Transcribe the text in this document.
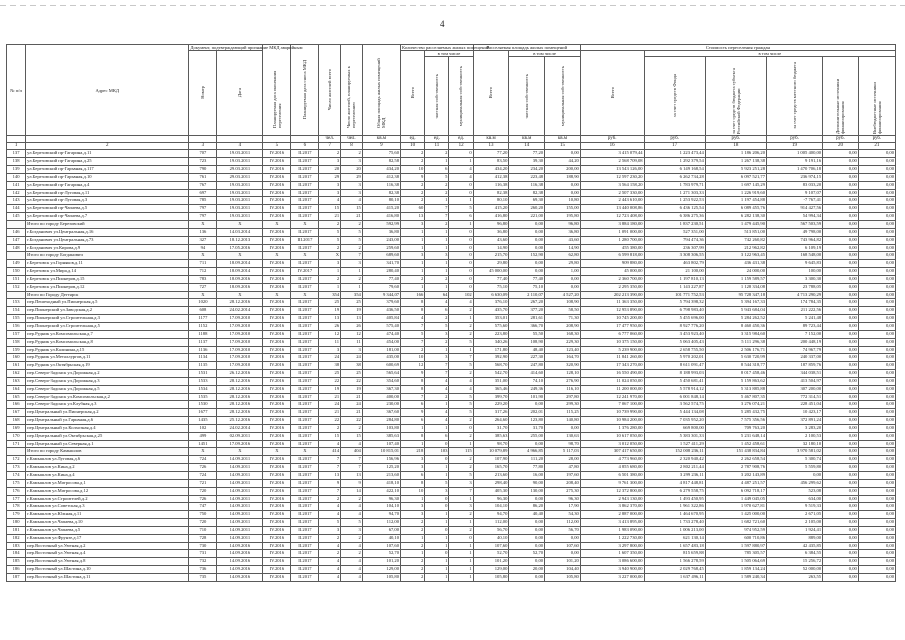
4
№ п/п	Адрес МКД	Документ, подтверждающий признание МКД аварийным		Планируемая дата окончания переселения	Планируемая дата сноса МКД	Число жителей всего	Число жителей, планируемых к переселению	Общая площадь жилых помещений МКД	Количество расселяемых жилых помещений			Расселяемая площадь жилых помещений			Стоимость переселения граждан					
		Номер	Дата						Всего	в том числе		Всего	в том числе		Всего	в том числе				
										частная собственность	муниципальная собственность		частная собственность	муниципальная собственность		за счет средств Фонда	за счет средств бюджета субъекта Российской Федерации	за счет средств местного бюджета	Дополнительные источники финансирования	Внебюджетные источники финансирования
						чел.	чел.	кв.м	ед.	ед.	ед.	кв.м	кв.м	кв.м	руб.	руб.	руб.	руб.	руб.	руб.
1	2	3	4	5	6	7	8	9	10	11	12	13	14	15	16	17	18	19	20	21
137	ул.Березовский пр-Гагарина,д.11	707	19.03.2011	IV.2016	II.2017	2	2	75,60	2	2	0	77,20	77,20	0,00	3 415 079,44	1 223 473,44	1 186 206,20	1 005 400,00	0,00	0,00
138	ул.Березовский пр-Гагарина,д.25	723	19.03.2011	IV.2016	II.2017	3	3	82,58	2	1	1	83,50	39,30	44,20	2 568 709,08	1 292 379,54	1 267 138,38	9 191,16	0,00	0,00
139	ул.Березовский пр-Гарьвная,д.117	790	29.03.2011	IV.2016	II.2017	20	20	434,20	10	6	4	434,20	234,20	200,00	13 543 126,00	6 149 168,54	5 923 251,28	1 470 706,18	0,00	0,00
140	ул.Березовский пр-Гарьвная,д.10	761	29.03.2011	IV.2016	II.2017	29	29	412,38	9	5	4	412,38	223,48	188,90	12 597 230,20	6 262 734,28	6 097 521,77	236 974,15	0,00	0,00
141	ул.Березовский пр-Гагарина,д.4	767	19.03.2011	IV.2016	II.2017	3	3	116,38	2	2	0	116,38	116,38	0,00	3 564 158,20	1 783 979,71	1 697 145,29	83 033,20	0,00	0,00
142	ул.Березовский пр-Луговая,д.11	697	19.03.2011	IV.2016	II.2017	3	3	82,38	2	2	0	82,38	82,38	0,00	2 507 330,00	1 271 303,33	1 226 919,60	9 107,07	0,00	0,00
143	ул.Березовский пр-Луговая,д.3	785	19.03.2011	IV.2016	II.2017	4	4	80,10	2	1	1	80,10	69,30	10,80	2 443 610,00	1 253 922,53	1 197 454,88	-7 767,41	0,00	0,00
144	ул.Березовский пр-Чапаева,д.5	797	19.03.2011	IV.2016	II.2017	15	15	415,20	60	7	5	415,20	260,20	155,00	13 440 008,86	6 436 125,54	6 089 455,76	914 427,56	0,00	0,00
145	ул.Березовский пр-Чапаева,д.7	797	19.03.2011	IV.2016	II.2017	21	21	416,80	13	7	6	416,80	221,00	195,80	12 723 408,00	6 386 275,36	6 282 138,30	54 994,34	0,00	0,00
	Итого по городу Березовский	X	X	X	X	2	2	592,99	3	2	1	96,80	0,00	96,80	3 884 180,00	1 837 230,51	1 479 445,90	567 503,59	0,00	0,00
146	г.Богданович ул.Центральная,д.16	136	14.03.2014	IV.2016	II.2017	5	5	36,80	1	1	0	36,80	0,00	36,80	1 091 000,00	527 351,00	513 851,00	49 798,00	0,00	0,00
147	г.Богданович ул.Центральная,д.73	327	18.12.2013	IV.2016	III.2017	5	5	243,00	1	1	0	43,60	0,00	43,60	1 280 700,00	794 474,36	742 260,82	743 964,82	0,00	0,00
148	г.Богданович ул.Кирова,д.9	94	17.05.2016	IV.2016	II.2017	2	2	259,60	1	1	0	14,90	0,00	14,90	455 380,00	236 307,99	212 962,82	6 109,19	0,00	0,00
	Итого по городу Богданович	X	X	X	X	X	7	689,60	3	3	0	215,70	152,90	62,80	6 599 818,00	3 308 306,55	3 122 963,45	168 548,00	0,00	0,00
149	г.Березовск ул.Горняков,д.11	711	18.09.2014	IV.2016	II.2017	3	3	341,70	1	1	0	29,80	0,00	29,80	909 880,00	463 802,79	436 431,38	9 645,83	0,00	0,00
150	г.Березовск ул.Мира,д.14	712	18.09.2014	IV.2016	IV.2017	1	1	280,40	1	1	0	45 000,00	0,00	1,00	45 000,00	21 100,00	24 000,00	100,00	0,00	0,00
151	г.Березовск ул.Пионеров,д.15	783	18.09.2016	IV.2016	II.2017	2	2	77,40	2	2	0	77,40	77,40	0,00	2 360 700,00	1 197 810,13	1 159 589,57	3 300,30	0,00	0,00
152	г.Березовск ул.Пионеров,д.12	727	18.09.2016	IV.2016	II.2017	1	1	79,60	1	1	0	75,10	75,10	0,00	2 295 350,00	1 143 227,87	1 128 334,08	23 788,05	0,00	0,00
	Итого по Городу Дегтярск	X	X	X	X	354	354	9 344,07	166	64	102	6 630,09	2 110,07	4 527,20	202 213 390,00	101 771 752,53	95 728 347,18	4 713 290,29	0,00	0,00
153	пер.Пешеходный ул.Пионерская,д.5	1020	28.12.2016	IV.2016	II.2017	25	25	379,60	8	4	4	376,10	267,20	108,90	11 363 350,00	5 794 398,32	5 394 167,33	174 784,35	0,00	0,00
154	пер.Пионерский ул.Заводская,д.2	608	24.02.2014	IV.2016	II.2017	19	19	436,50	8	6	2	435,70	377,20	58,50	12 953 890,00	6 798 983,40	5 943 684,04	211 222,56	0,00	0,00
155	пер.Пионерский ул.Строительная,д.3	1177	17.09.2010	IV.2016	II.2017	13	13	405,84	4	2	1	353,01	281,61	71,30	10 745 200,00	5 455 696,00	5 284 262,52	5 241,48	0,00	0,00
156	пер.Пионерский ул.Строительная,д.5	1152	17.09.2010	IV.2016	II.2017	26	26	575,40	7	5	2	575,60	366,70	208,90	17 477 950,00	8 927 776,20	8 460 450,36	89 723,44	0,00	0,00
157	пер.Рудник ул.Комсомольская,д.7	1188	17.09.2010	IV.2016	II.2017	12	12	474,40	5	3	2	223,80	55,50	168,30	6 777 060,00	3 453 923,40	3 315 984,60	7 152,00	0,00	0,00
158	пер.Рудник ул.Комсомольская,д.8	1137	17.09.2010	IV.2016	II.2017	11	11	454,00	7	2	5	340,26	108,90	229,30	10 375 150,00	5 063 405,43	5 111 296,38	200 448,19	0,00	0,00
159	пер.Рудник ул.Калинина,д.15	1136	17.09.2010	IV.2016	II.2017	3	3	181,00	2	1	1	171,80	48,40	123,40	5 239 900,00	2 658 755,50	2 506 176,71	74 967,79	0,00	0,00
160	пер.Рудник ул.Металлургов,д.11	1134	17.09.2010	IV.2016	II.2017	24	24	435,00	10	3	7	392,90	227,30	164,70	11 841 260,00	5 970 202,01	5 630 720,99	240 337,00	0,00	0,00
161	пер.Рудник ул.Октябрьская,д.19	1135	17.09.2010	IV.2016	II.2017	38	38	600,69	12	7	5	568,70	247,80	320,90	17 343 270,00	8 611 091,47	8 544 318,77	187 859,76	0,00	0,00
162	пер.Северо-Задонск ул.Дорожная,д.2	1531	26.12.2016	IV.2016	II.2017	25	25	565,64	9	7	2	542,70	414,60	128,10	16 550 490,00	8 188 993,03	8 017 458,46	344 038,51	0,00	0,00
163	пер.Северо-Задонск ул.Дорожная,д.3	1533	28.12.2016	IV.2016	II.2017	22	22	354,60	8	4	4	351,00	74,10	276,90	11 024 050,00	5 450 681,41	5 159 863,62	413 504,97	0,00	0,00
164	пер.Северо-Задонск ул.Дорожная,д.5	1534	28.12.2016	IV.2016	II.2017	19	19	367,30	8	4	4	365,46	249,36	116,10	11 200 000,00	5 578 914,12	5 313 885,88	307 200,00	0,00	0,00
165	пер.Северо-Задонск ул.Комсомольская,д.2	1535	28.12.2016	IV.2016	II.2017	21	21	400,00	7	2	5	399,70	101,90	297,80	12 241 970,00	6 001 848,14	5 467 807,35	772 314,51	0,00	0,00
166	пер.Северо-Задонск ул.Клубная,д.3	1530	28.12.2016	IV.2016	II.2017	24	24	230,00	6	1	5	229,20	0,00	299,30	7 067 100,00	3 562 574,75	3 276 074,21	228 451,04	0,00	0,00
167	пер.Центральный ул.Пионерская,д.2	1677	28.12.2016	IV.2016	II.2017	21	21	367,60	9	4	5	317,26	202,01	115,25	10 739 990,00	5 444 134,08	5 285 432,75	10 423,17	0,00	0,00
168	пер.Центральный ул.Гарьвная,д.6	1435	25.12.2016	IV.2016	II.2017	22	22	284,80	6	4	2	264,60	123,80	140,80	10 984 200,00	7 035 952,20	7 575 356,56	372 891,24	0,00	0,00
169	пер.Центральный ул.Колхозная,д.4	102	24.02.2014	IV.2016	II.2017	2	2	103,80	1	1	0	31,70	31,70	0,00	1 376 280,00	669 800,00	709 763,20	3 283,20	0,00	0,00
170	пер.Центральный ул.Октябрьская,д.25	499	02.09.2011	IV.2016	II.2017	15	15	385,63	8	6	2	385,63	255,00	130,63	10 617 050,00	5 383 301,33	5 231 648,14	2 100,53	0,00	0,00
171	пер.Центральный ул.Северная,д.1	1451	17.09.2016	IV.2016	II.2017	4	4	107,40	1	0	1	98,70	0,00	98,70	3 012 050,00	1 527 411,29	1 452 458,61	32 180,10	0,00	0,00
	Итого по городу Камышлов	X	X	X	X	414	404	10 815,01	218	103	115	10 079,89	4 966,85	5 117,03	307 417 650,00	152 008 236,11	151 438 834,84	3 970 581,02	0,00	0,00
172	г.Камышлов ул.Луговая,д.6	724	14.09.2011	IV.2016	II.2017	7	7	156,96	3	0	2	107,90	111,20	28,00	4 773 960,00	2 320 940,42	2 262 658,54	5 300,74	0,00	0,00
173	г.Камышлов ул.Кина,д.2	726	14.09.2011	IV.2016	II.2017	7	7	125,20	3	1	2	165,70	77,80	47,80	4 855 680,00	2 802 211,44	2 787 908,76	5 559,80	0,00	0,00
174	г.Камышлов ул.Кина,д.4	724	14.09.2011	IV.2016	II.2017	13	13	213,60	6	1	5	213,60	16,00	197,60	6 501 380,00	3 299 236,11	3 202 143,89	0,00	0,00	0,00
175	г.Камышлов ул.Матросова,д.1	721	14.09.2011	IV.2016	II.2017	9	9	418,10	8	5	3	298,40	90,00	208,40	9 761 300,00	4 817 448,81	4 487 251,57	456 299,62	0,00	0,00
176	г.Камышлов ул.Матросова,д.12	720	14.09.2011	IV.2016	II.2017	7	14	422,10	10	3	7	405,30	130,00	275,30	12 372 800,00	6 279 558,75	6 092 718,17	523,08	0,00	0,00
177	г.Камышлов ул.Строителей,д.2	726	14.09.2011	IV.2016	II.2017	2	2	96,30	1	0	1	96,30	0,00	96,30	2 943 130,00	1 493 450,95	1 449 045,05	634,00	0,00	0,00
178	г.Камышлов ул.Советская,д.3	747	14.09.2011	IV.2016	II.2017	4	4	104,10	3	0	3	104,10	86,20	17,90	3 862 370,00	1 961 322,86	1 970 627,81	9 519,33	0,00	0,00
179	г.Камышлов ул.Южная,д.11	750	14.09.2011	IV.2016	II.2017	4	4	94,70	3	1	2	94,70	40,40	54,30	2 887 000,00	1 464 670,95	1 425 000,00	2 671,05	0,00	0,00
180	г.Камышлов ул.Чапаева,д.10	720	14.09.2011	IV.2016	II.2017	5	5	112,00	2	1	1	112,00	0,00	112,00	3 413 895,00	1 733 278,40	1 682 721,60	2 105,00	0,00	0,00
181	г.Камышлов ул.Чапаева,д.5	710	14.09.2011	IV.2016	II.2017	3	3	67,00	2	0	2	56,70	0,00	56,70	1 983 090,00	1 006 213,00	974 952,59	1 924,41	0,00	0,00
182	г.Камышлов ул.Фрунзе,д.17	728	14.09.2011	IV.2016	II.2017	2	2	40,10	1	1	0	40,10	0,00	0,00	1 222 730,00	621 130,14	600 710,86	889,00	0,00	0,00
183	пер.Восточный ул.Уютная,д.2	730	14.09.2016	IV.2016	II.2017	4	4	107,60	2	1	1	107,60	0,00	107,60	3 297 800,00	1 657 483,18	1 597 880,97	42 435,85	0,00	0,00
184	пер.Восточный ул.Уютная,д.4	731	14.09.2016	IV.2016	II.2017	2	2	52,70	1	0	1	52,70	52,70	0,00	1 607 350,00	815 659,88	785 305,57	6 384,55	0,00	0,00
185	пер.Восточный ул.Уютная,д.8	732	14.09.2016	IV.2016	II.2017	4	4	101,20	2	1	1	101,20	0,00	101,20	3 086 600,00	1 566 278,59	1 505 064,69	15 256,72	0,00	0,00
186	пер.Восточный ул.Шастина,д.10	736	14.09.2016	IV.2016	II.2017	4	4	129,00	2	1	1	129,00	20,00	104,40	3 940 900,00	2 029 768,45	1 859 134,24	52 000,00	0,00	0,00
187	пер.Восточный ул.Шастина,д.11	735	14.09.2016	IV.2016	II.2017	4	4	105,80	2	1	1	105,80	0,00	105,80	3 227 000,00	1 637 496,11	1 589 240,34	263,55	0,00	0,00
